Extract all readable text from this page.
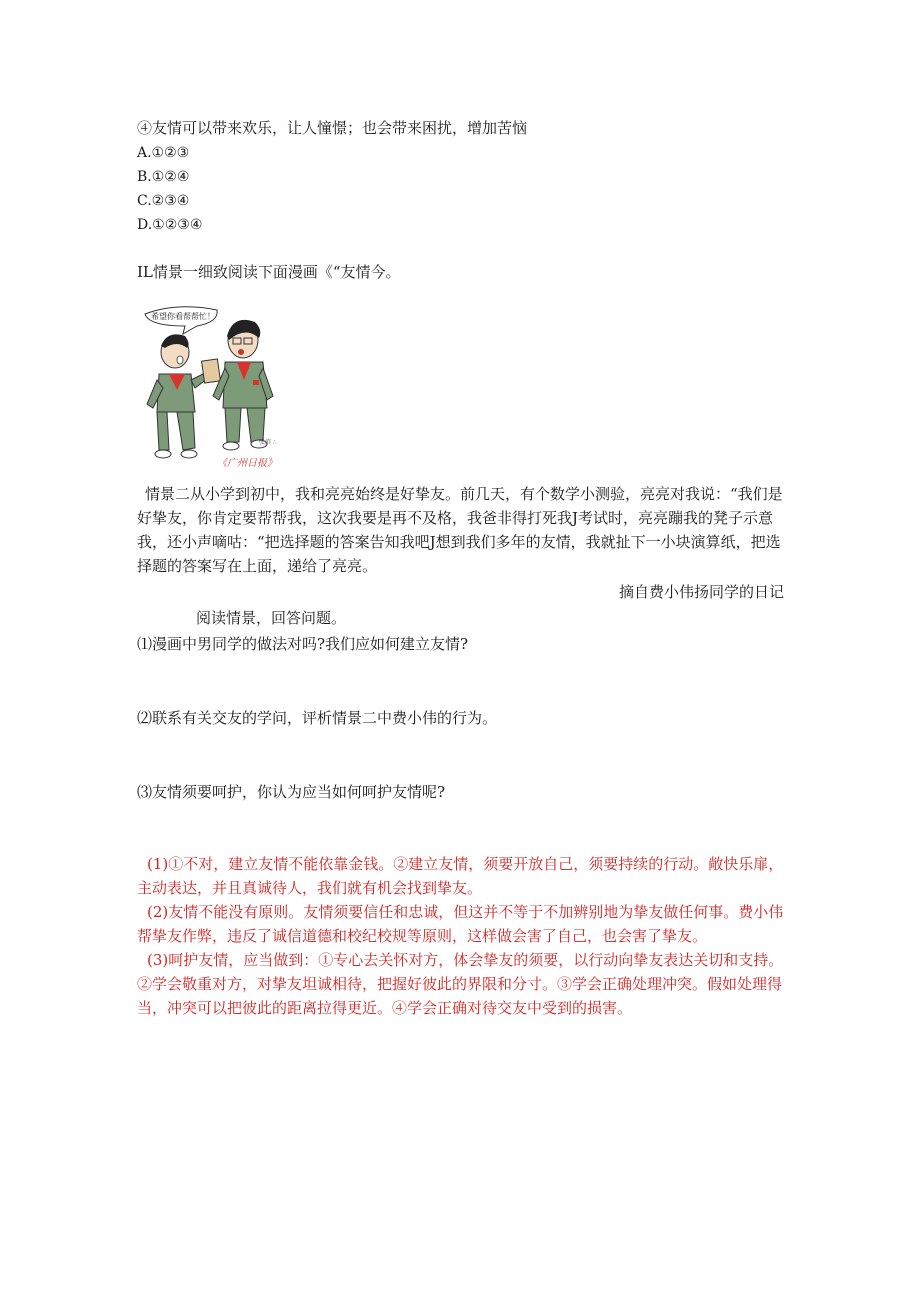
④友情可以带来欢乐，让人憧憬；也会带来困扰，增加苦恼
A.①②③
B.①②④
C.②③④
D.①②③④
IL情景一细致阅读下面漫画《“友情今。
希望你看帮帮忙！
张滨 ∴
《广州日报》

情景二从小学到初中，我和亮亮始终是好挚友。前几天，有个数学小测验，亮亮对我说：“我们是好挚友，你肯定要帮帮我，这次我要是再不及格，我爸非得打死我J考试时，亮亮蹦我的凳子示意我，还小声嘀咕：“把选择题的答案告知我吧J想到我们多年的友情，我就扯下一小块演算纸，把选择题的答案写在上面，递给了亮亮。

摘自费小伟扬同学的日记
阅读情景，回答问题。
⑴漫画中男同学的做法对吗?我们应如何建立友情?
⑵联系有关交友的学问，评析情景二中费小伟的行为。
⑶友情须要呵护，你认为应当如何呵护友情呢?

(1)①不对，建立友情不能依靠金钱。②建立友情，须要开放自己，须要持续的行动。敞快乐扉，主动表达，并且真诚待人，我们就有机会找到挚友。

(2)友情不能没有原则。友情须要信任和忠诚，但这并不等于不加辨别地为挚友做任何事。费小伟帮挚友作弊，违反了诚信道德和校纪校规等原则，这样做会害了自己，也会害了挚友。

(3)呵护友情，应当做到：①专心去关怀对方，体会挚友的须要，以行动向挚友表达关切和支持。②学会敬重对方，对挚友坦诚相待，把握好彼此的界限和分寸。③学会正确处理冲突。假如处理得当，冲突可以把彼此的距离拉得更近。④学会正确对待交友中受到的损害。
